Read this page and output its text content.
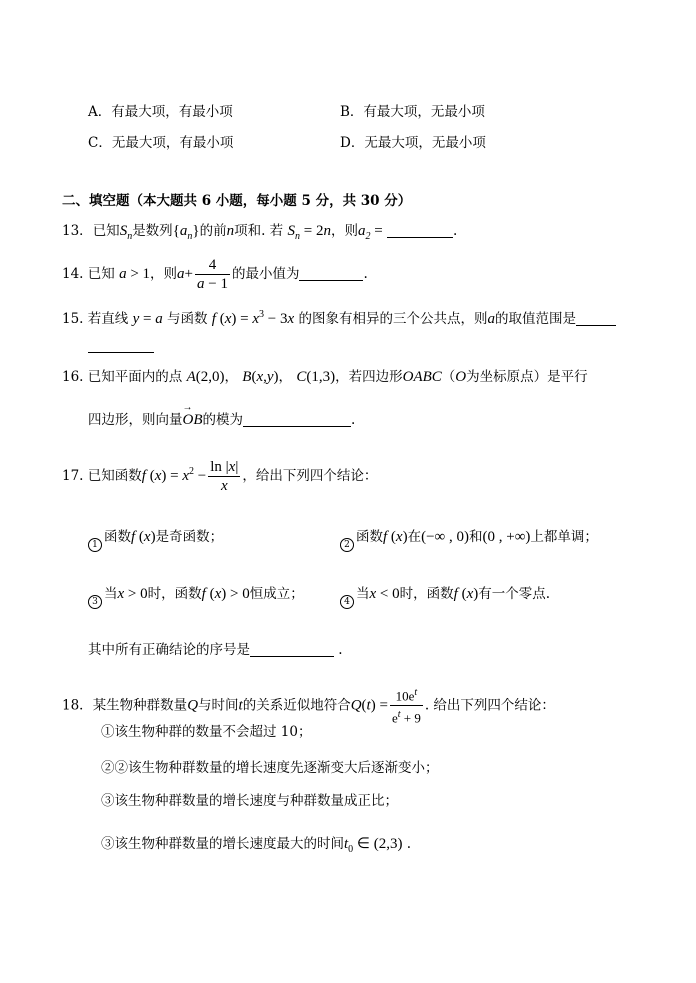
A．有最大项，有最小项	B．有最大项，无最小项
C．无最大项，有最小项	D．无最大项，无最小项
二、填空题（本大题共 6 小题，每小题 5 分，共 30 分）
13．已知$S_n$是数列$\{a_n\}$的前n项和. 若 $S_n = 2n$，则$a_2$ =	.
14. 已知 a > 1，则$a+ \frac{4}{a - 1}$ 的最小值为	.
15. 若直线 y = a 与函数 f $(x) = x^3 - 3x$ 的图象有相异的三个公共点，则a的取值范围是
16. 已知平面内的点 A(2,0)， B(x,y)， C(1,3)，若四边形OABC（O为坐标原点）是平行
四边形，则向量→ OB的模为	.
17. 已知函数f $(x) = x^2 - \frac{\ln |x|}{x}$ ，给出下列四个结论：
1 函数f (x)是奇函数；	2 函数f (x)在(−∞ , 0)和(0 , +∞)上都单调；
3 当x > 0时，函数f (x) > 0恒成立；	4 当x < 0时，函数f (x)有一个零点.
其中所有正确结论的序号是	.
18．某生物种群数量Q与时间t的关系近似地符合$Q(t) = \frac{10e^t}{e^t + 9}$ . 给出下列四个结论：
①该生物种群的数量不会超过 10；
②②该生物种群数量的增长速度先逐渐变大后逐渐变小；
③该生物种群数量的增长速度与种群数量成正比；
③该生物种群数量的增长速度最大的时间$t_0$ ∈ (2,3) .
